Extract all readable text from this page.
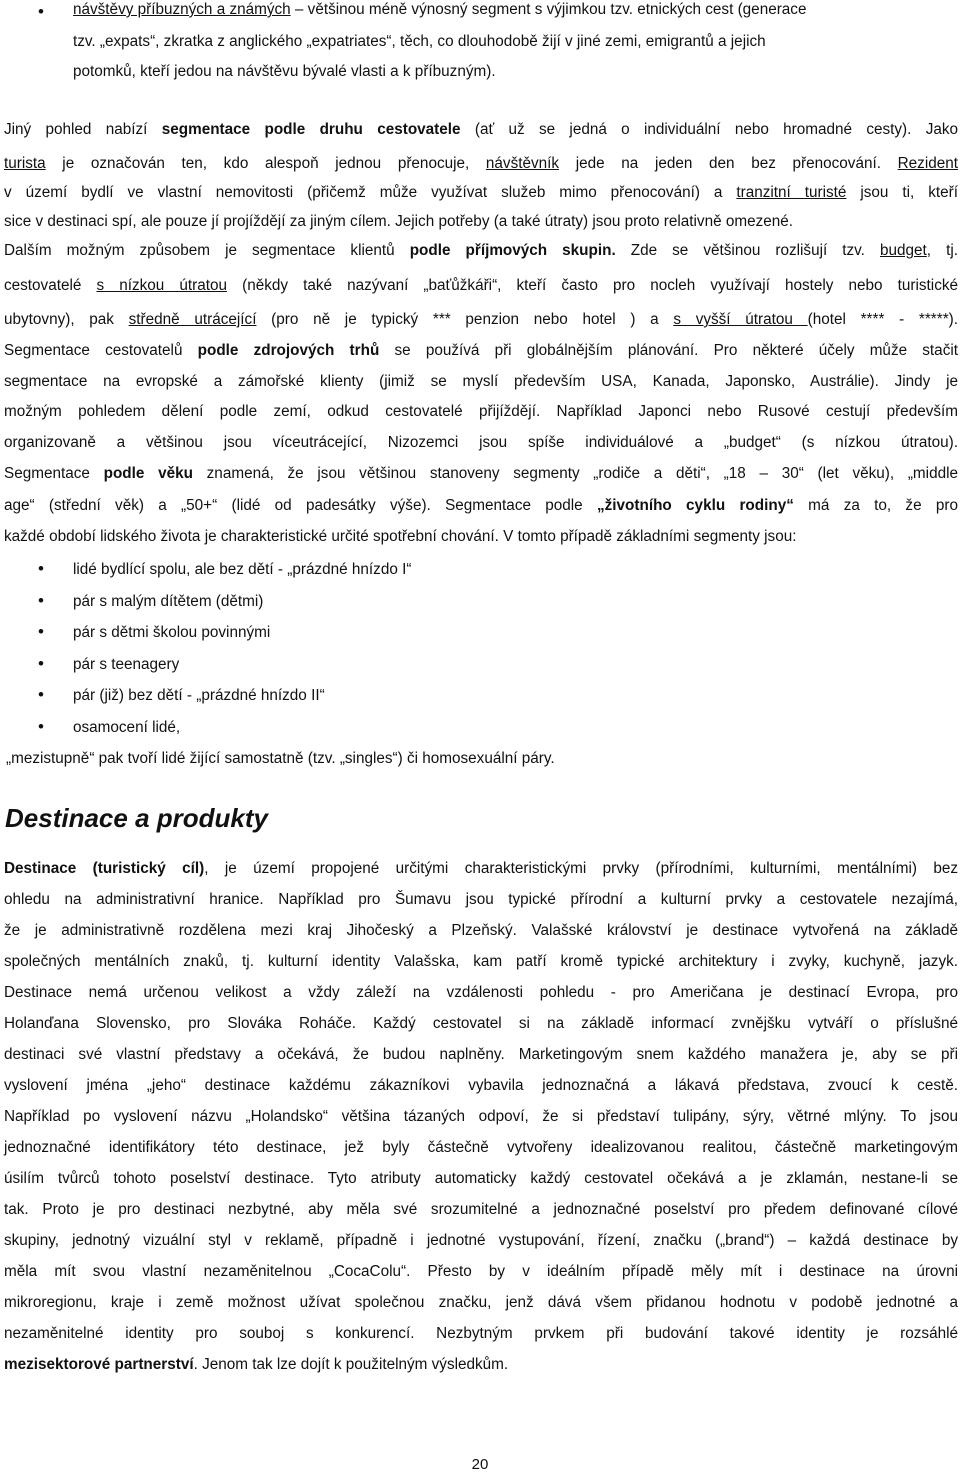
• návštěvy příbuzných a známých – většinou méně výnosný segment s výjimkou tzv. etnických cest (generace
tzv. „expats“, zkratka z anglického „expatriates“, těch, co dlouhodobě žijí v jiné zemi, emigrantů a jejich
potomků, kteří jedou na návštěvu bývalé vlasti a k příbuzným).
Jiný pohled nabízí segmentace podle druhu cestovatele (ať už se jedná o individuální nebo hromadné cesty). Jako
turista je označován ten, kdo alespoň jednou přenocuje, návštěvník jede na jeden den bez přenocování. Rezident
v území bydlí ve vlastní nemovitosti (přičemž může využívat služeb mimo přenocování) a tranzitní turisté jsou ti, kteří
sice v destinaci spí, ale pouze jí projíždějí za jiným cílem. Jejich potřeby (a také útraty) jsou proto relativně omezené.
Dalším možným způsobem je segmentace klientů podle příjmových skupin. Zde se většinou rozlišují tzv. budget, tj.
cestovatelé s nízkou útratou (někdy také nazývaní „baťůžkáři“, kteří často pro nocleh využívají hostely nebo turistické
ubytovny), pak středně utrácející (pro ně je typický *** penzion nebo hotel ) a s vyšší útratou (hotel **** - *****).
Segmentace cestovatelů podle zdrojových trhů se používá při globálnějším plánování. Pro některé účely může stačit
segmentace na evropské a zámořské klienty (jimiž se myslí především USA, Kanada, Japonsko, Austrálie). Jindy je
možným pohledem dělení podle zemí, odkud cestovatelé přijíždějí. Například Japonci nebo Rusové cestují především
organizovaně a většinou jsou víceutrácející, Nizozemci jsou spíše individuálové a „budget“ (s nízkou útratou).
Segmentace podle věku znamená, že jsou většinou stanoveny segmenty „rodiče a děti“, „18 – 30“ (let věku), „middle
age“ (střední věk) a „50+“ (lidé od padesátky výše). Segmentace podle „životního cyklu rodiny“ má za to, že pro
každé období lidského života je charakteristické určité spotřební chování. V tomto případě základními segmenty jsou:
• lidé bydlící spolu, ale bez dětí - „prázdné hnízdo I“
• pár s malým dítětem (dětmi)
• pár s dětmi školou povinnými
• pár s teenagery
• pár (již) bez dětí - „prázdné hnízdo II“
• osamocení lidé,
„mezistupně“ pak tvoří lidé žijící samostatně (tzv. „singles“) či homosexuální páry.
Destinace a produkty
Destinace (turistický cíl), je území propojené určitými charakteristickými prvky (přírodními, kulturními, mentálními) bez
ohledu na administrativní hranice. Například pro Šumavu jsou typické přírodní a kulturní prvky a cestovatele nezajímá,
že je administrativně rozdělena mezi kraj Jihočeský a Plzeňský. Valašské království je destinace vytvořená na základě
společných mentálních znaků, tj. kulturní identity Valašska, kam patří kromě typické architektury i zvyky, kuchyně, jazyk.
Destinace nemá určenou velikost a vždy záleží na vzdálenosti pohledu - pro Američana je destinací Evropa, pro
Holanďana Slovensko, pro Slováka Roháče. Každý cestovatel si na základě informací zvnějšku vytváří o příslušné
destinaci své vlastní představy a očekává, že budou naplněny. Marketingovým snem každého manažera je, aby se při
vyslovení jména „jeho“ destinace každému zákazníkovi vybavila jednoznačná a lákavá představa, zvoucí k cestě.
Například po vyslovení názvu „Holandsko“ většina tázaných odpoví, že si představí tulipány, sýry, větrné mlýny. To jsou
jednoznačné identifikátory této destinace, jež byly částečně vytvořeny idealizovanou realitou, částečně marketingovým
úsilím tvůrců tohoto poselství destinace. Tyto atributy automaticky každý cestovatel očekává a je zklamán, nestane-li se
tak. Proto je pro destinaci nezbytné, aby měla své srozumitelné a jednoznačné poselství pro předem definované cílové
skupiny, jednotný vizuální styl v reklamě, případně i jednotné vystupování, řízení, značku („brand“) – každá destinace by
měla mít svou vlastní nezaměnitelnou „CocaColu“. Přesto by v ideálním případě měly mít i destinace na úrovni
mikroregionu, kraje i země možnost užívat společnou značku, jenž dává všem přidanou hodnotu v podobě jednotné a
nezaměnitelné identity pro souboj s konkurencí. Nezbytným prvkem při budování takové identity je rozsáhlé
mezisektorové partnerství. Jenom tak lze dojít k použitelným výsledkům.
20
